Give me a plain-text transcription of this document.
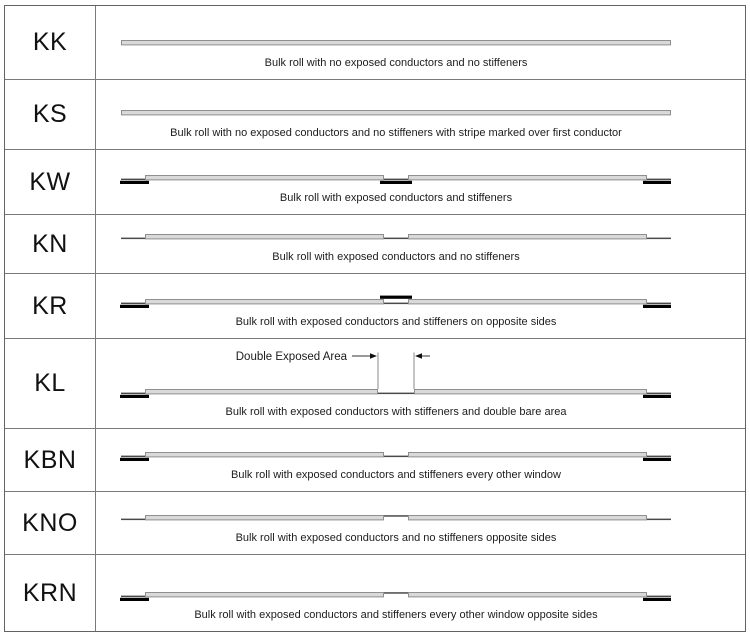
KK
Bulk roll with no exposed conductors and no stiffeners
KS
Bulk roll with no exposed conductors and no stiffeners with stripe marked over first conductor
KW
Bulk roll with exposed conductors and stiffeners
KN	Bulk roll with exposed conductors and no stiffeners
KR
Bulk roll with exposed conductors and stiffeners on opposite sides
KL
Double Exposed Area
Bulk roll with exposed conductors with stiffeners and double bare area
KBN
Bulk roll with exposed conductors and stiffeners every other window
KNO
Bulk roll with exposed conductors and no stiffeners opposite sides
KRN
Bulk roll with exposed conductors and stiffeners every other window opposite sides
